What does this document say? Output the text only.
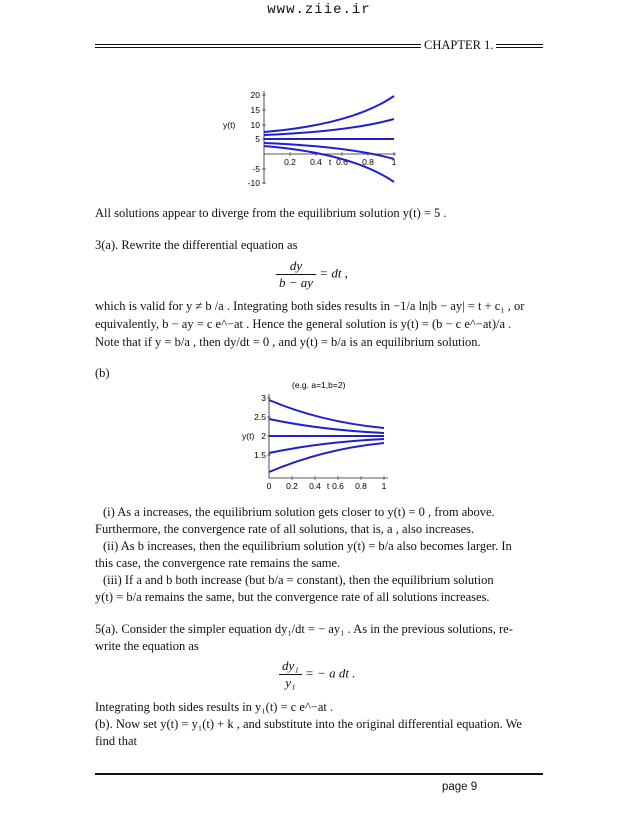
www.ziie.ir
CHAPTER 1.
20
15
10
5
-5
-10
y(t)
0.2 0.4 t 0.6 0.8 1
All solutions appear to diverge from the equilibrium solution y(t) = 5 .
3(a). Rewrite the differential equation as
$\frac{dy}{b - ay}$ = dt ,
which is valid for y ≠ b /a . Integrating both sides results in −1/a ln|b − ay| = t + c₁ , or
equivalently, b − ay = c e^−at . Hence the general solution is y(t) = (b − c e^−at)/a .
Note that if y = b/a , then dy/dt = 0 , and y(t) = b/a is an equilibrium solution.
(b)
(e.g. a=1,b=2)
3
2.5
y(t) 2
1.5
0 0.2 0.4 t 0.6 0.8 1
(i) As a increases, the equilibrium solution gets closer to y(t) = 0 , from above.
Furthermore, the convergence rate of all solutions, that is, a , also increases.
(ii) As b increases, then the equilibrium solution y(t) = b/a also becomes larger. In
this case, the convergence rate remains the same.
(iii) If a and b both increase (but b/a = constant), then the equilibrium solution
y(t) = b/a remains the same, but the convergence rate of all solutions increases.
5(a). Consider the simpler equation dy₁/dt = − ay₁ . As in the previous solutions, re-
write the equation as
$\frac{\text{dy₁}}{\text{y₁}}$ = − a dt .
Integrating both sides results in y₁(t) = c e^−at .
(b). Now set y(t) = y₁(t) + k , and substitute into the original differential equation. We
find that
page 9
